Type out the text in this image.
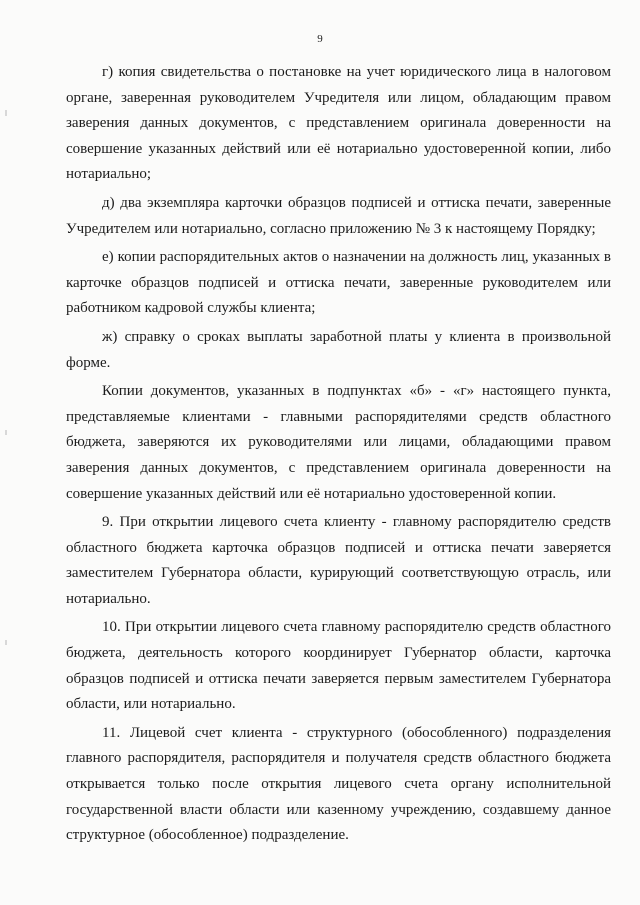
9

г) копия свидетельства о постановке на учет юридического лица в налоговом органе, заверенная руководителем Учредителя или лицом, обладающим правом заверения данных документов, с представлением оригинала доверенности на совершение указанных действий или её нотариально удостоверенной копии, либо нотариально;

д) два экземпляра карточки образцов подписей и оттиска печати, заверенные Учредителем или нотариально, согласно приложению № 3 к настоящему Порядку;

е) копии распорядительных актов о назначении на должность лиц, указанных в карточке образцов подписей и оттиска печати, заверенные руководителем или работником кадровой службы клиента;

ж) справку о сроках выплаты заработной платы у клиента в произвольной форме.

Копии документов, указанных в подпунктах «б» - «г» настоящего пункта, представляемые клиентами - главными распорядителями средств областного бюджета, заверяются их руководителями или лицами, обладающими правом заверения данных документов, с представлением оригинала доверенности на совершение указанных действий или её нотариально удостоверенной копии.

9. При открытии лицевого счета клиенту - главному распорядителю средств областного бюджета карточка образцов подписей и оттиска печати заверяется заместителем Губернатора области, курирующий соответствующую отрасль, или нотариально.

10. При открытии лицевого счета главному распорядителю средств областного бюджета, деятельность которого координирует Губернатор области, карточка образцов подписей и оттиска печати заверяется первым заместителем Губернатора области, или нотариально.

11. Лицевой счет клиента - структурного (обособленного) подразделения главного распорядителя, распорядителя и получателя средств областного бюджета открывается только после открытия лицевого счета органу исполнительной государственной власти области или казенному учреждению, создавшему данное структурное (обособленное) подразделение.
